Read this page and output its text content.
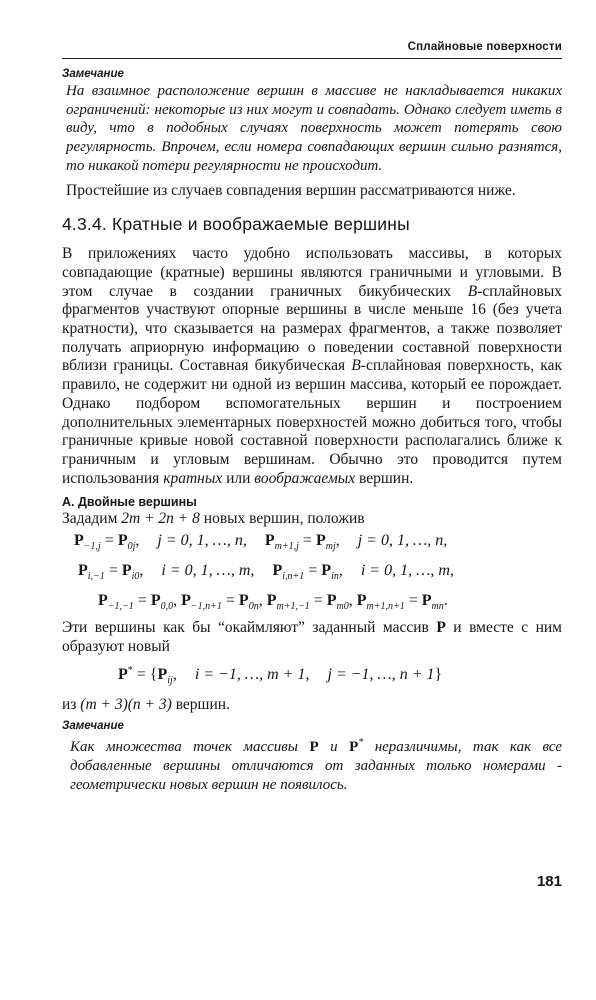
Сплайновые поверхности
Замечание

На взаимное расположение вершин в массиве не накладывается никаких ограничений: некоторые из них могут и совпадать. Однако следует иметь в виду, что в подобных случаях поверхность может потерять свою регулярность. Впрочем, если номера совпадающих вершин сильно разнятся, то никакой потери регулярности не происходит.

Простейшие из случаев совпадения вершин рассматриваются ниже.

4.3.4. Кратные и воображаемые вершины

В приложениях часто удобно использовать массивы, в которых совпадающие (кратные) вершины являются граничными и угловыми. В этом случае в создании граничных бикубических B-сплайновых фрагментов участвуют опорные вершины в числе меньше 16 (без учета кратности), что сказывается на размерах фрагментов, а также позволяет получать априорную информацию о поведении составной поверхности вблизи границы. Составная бикубическая B-сплайновая поверхность, как правило, не содержит ни одной из вершин массива, который ее порождает. Однако подбором вспомогательных вершин и построением дополнительных элементарных поверхностей можно добиться того, чтобы граничные кривые новой составной поверхности располагались ближе к граничным и угловым вершинам. Обычно это проводится путем использования кратных или воображаемых вершин.

А. Двойные вершины

Зададим 2m + 2n + 8 новых вершин, положив

$P_{-1,j} = P_{0j}$, j = 0, 1, …, n, $P_{m+1,j} = P_{mj}$, j = 0, 1, …, n,
$P_{i,-1} = P_{i0}$, i = 0, 1, …, m, $P_{i,n+1} = P_{in}$, i = 0, 1, …, m,
$P_{-1,-1} = P_{0,0}$, $P_{-1,n+1} = P_{0n}$, $P_{m+1,-1} = P_{m0}$, $P_{m+1,n+1} = P_{mn}$.

Эти вершины как бы “окаймляют” заданный массив P и вместе с ним образуют новый

$P^* = \{P_{ij}$, i = −1, …, m + 1, j = −1, …, n + 1}

из (m + 3)(n + 3) вершин.

Замечание

Как множества точек массивы P и P* неразличимы, так как все добавленные вершины отличаются от заданных только номерами - геометрически новых вершин не появилось.

181
